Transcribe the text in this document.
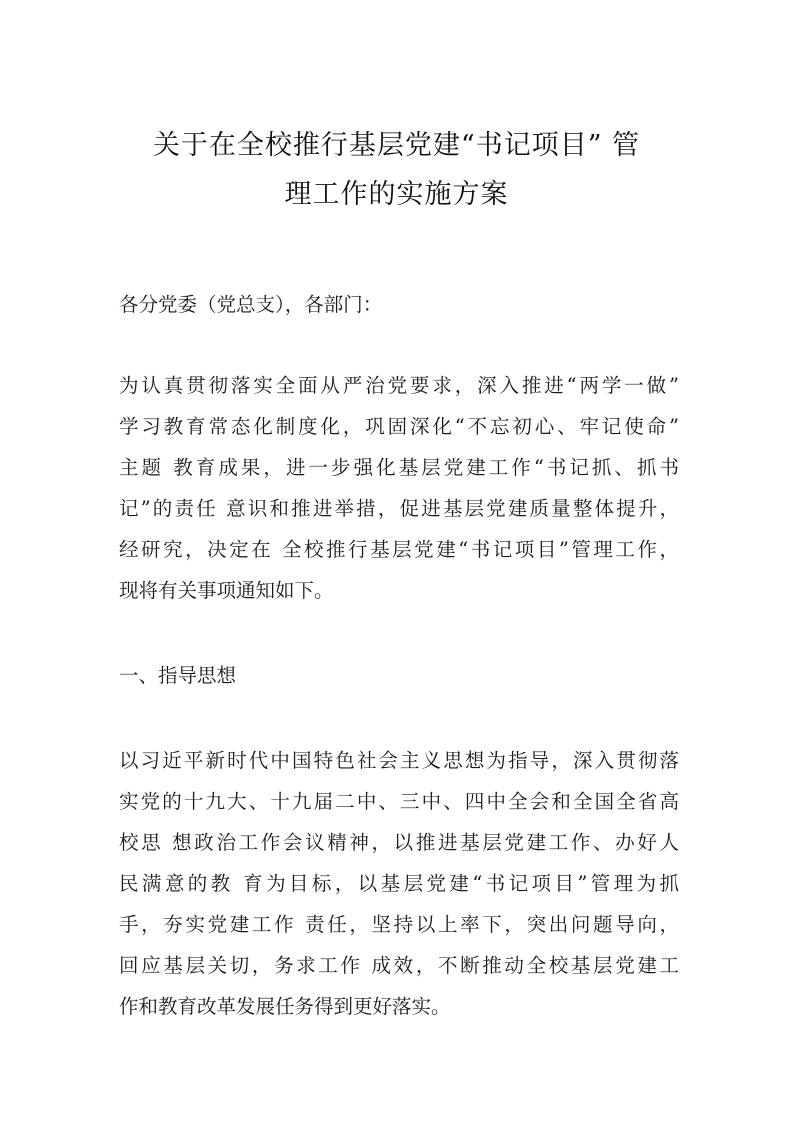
关于在全校推行基层党建“书记项目” 管
理工作的实施方案
各分党委（党总支），各部门：
为认真贯彻落实全面从严治党要求，深入推进“两学一做”
学习教育常态化制度化，巩固深化“不忘初心、牢记使命”
主题 教育成果，进一步强化基层党建工作“书记抓、抓书
记”的责任 意识和推进举措，促进基层党建质量整体提升，
经研究，决定在 全校推行基层党建“书记项目”管理工作，
现将有关事项通知如下。
一、指导思想
以习近平新时代中国特色社会主义思想为指导，深入贯彻落
实党的十九大、十九届二中、三中、四中全会和全国全省高
校思 想政治工作会议精神，以推进基层党建工作、办好人
民满意的教 育为目标，以基层党建“书记项目”管理为抓
手，夯实党建工作 责任，坚持以上率下，突出问题导向，
回应基层关切，务求工作 成效，不断推动全校基层党建工
作和教育改革发展任务得到更好落实。
